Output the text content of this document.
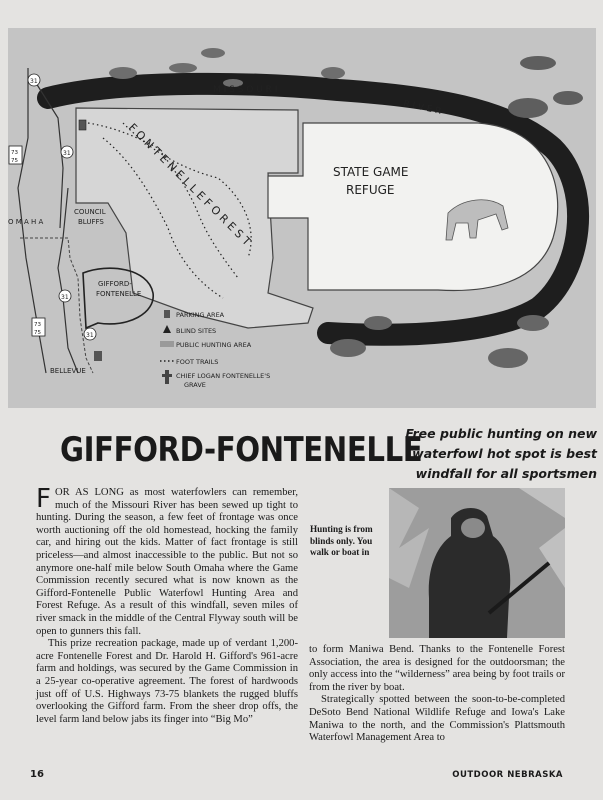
M I S S O U R I
R I V E R
F O N T E N E L L E F O R E S T	STATE GAME
REFUGE
COUNCIL
BLUFFS
O M A H A
GIFFORD-
FONTENELLE
BELLEVUE
31
31
31
31
73
75
73
75
PARKING AREA
BLIND SITES
PUBLIC HUNTING AREA
FOOT TRAILS
CHIEF LOGAN FONTENELLE'S
GRAVE
GIFFORD-FONTENELLE
Free public hunting on new waterfowl hot spot is best windfall for all sportsmen

FOR AS LONG as most waterfowlers can remember, much of the Missouri River has been sewed up tight to hunting. During the season, a few feet of frontage was once worth auctioning off the old homestead, hocking the family car, and hiring out the kids. Matter of fact frontage is still priceless—and almost inaccessible to the public. But not so anymore one-half mile below South Omaha where the Game Commission recently secured what is now known as the Gifford-Fontenelle Public Waterfowl Hunting Area and Forest Refuge. As a result of this windfall, seven miles of river smack in the middle of the Central Flyway south will be open to gunners this fall.

This prize recreation package, made up of verdant 1,200-acre Fontenelle Forest and Dr. Harold H. Gifford's 961-acre farm and holdings, was secured by the Game Commission in a 25-year co-operative agreement. The forest of hardwoods just off of U.S. Highways 73-75 blankets the rugged bluffs overlooking the Gifford farm. From the sheer drop offs, the level farm land below jabs its finger into “Big Mo”

Hunting is from blinds only. You walk or boat in

to form Maniwa Bend. Thanks to the Fontenelle Forest Association, the area is designed for the outdoorsman; the only access into the “wilderness” area being by foot trails or from the river by boat.

Strategically spotted between the soon-to-be-completed DeSoto Bend National Wildlife Refuge and Iowa's Lake Maniwa to the north, and the Commission's Plattsmouth Waterfowl Management Area to

16	OUTDOOR NEBRASKA
